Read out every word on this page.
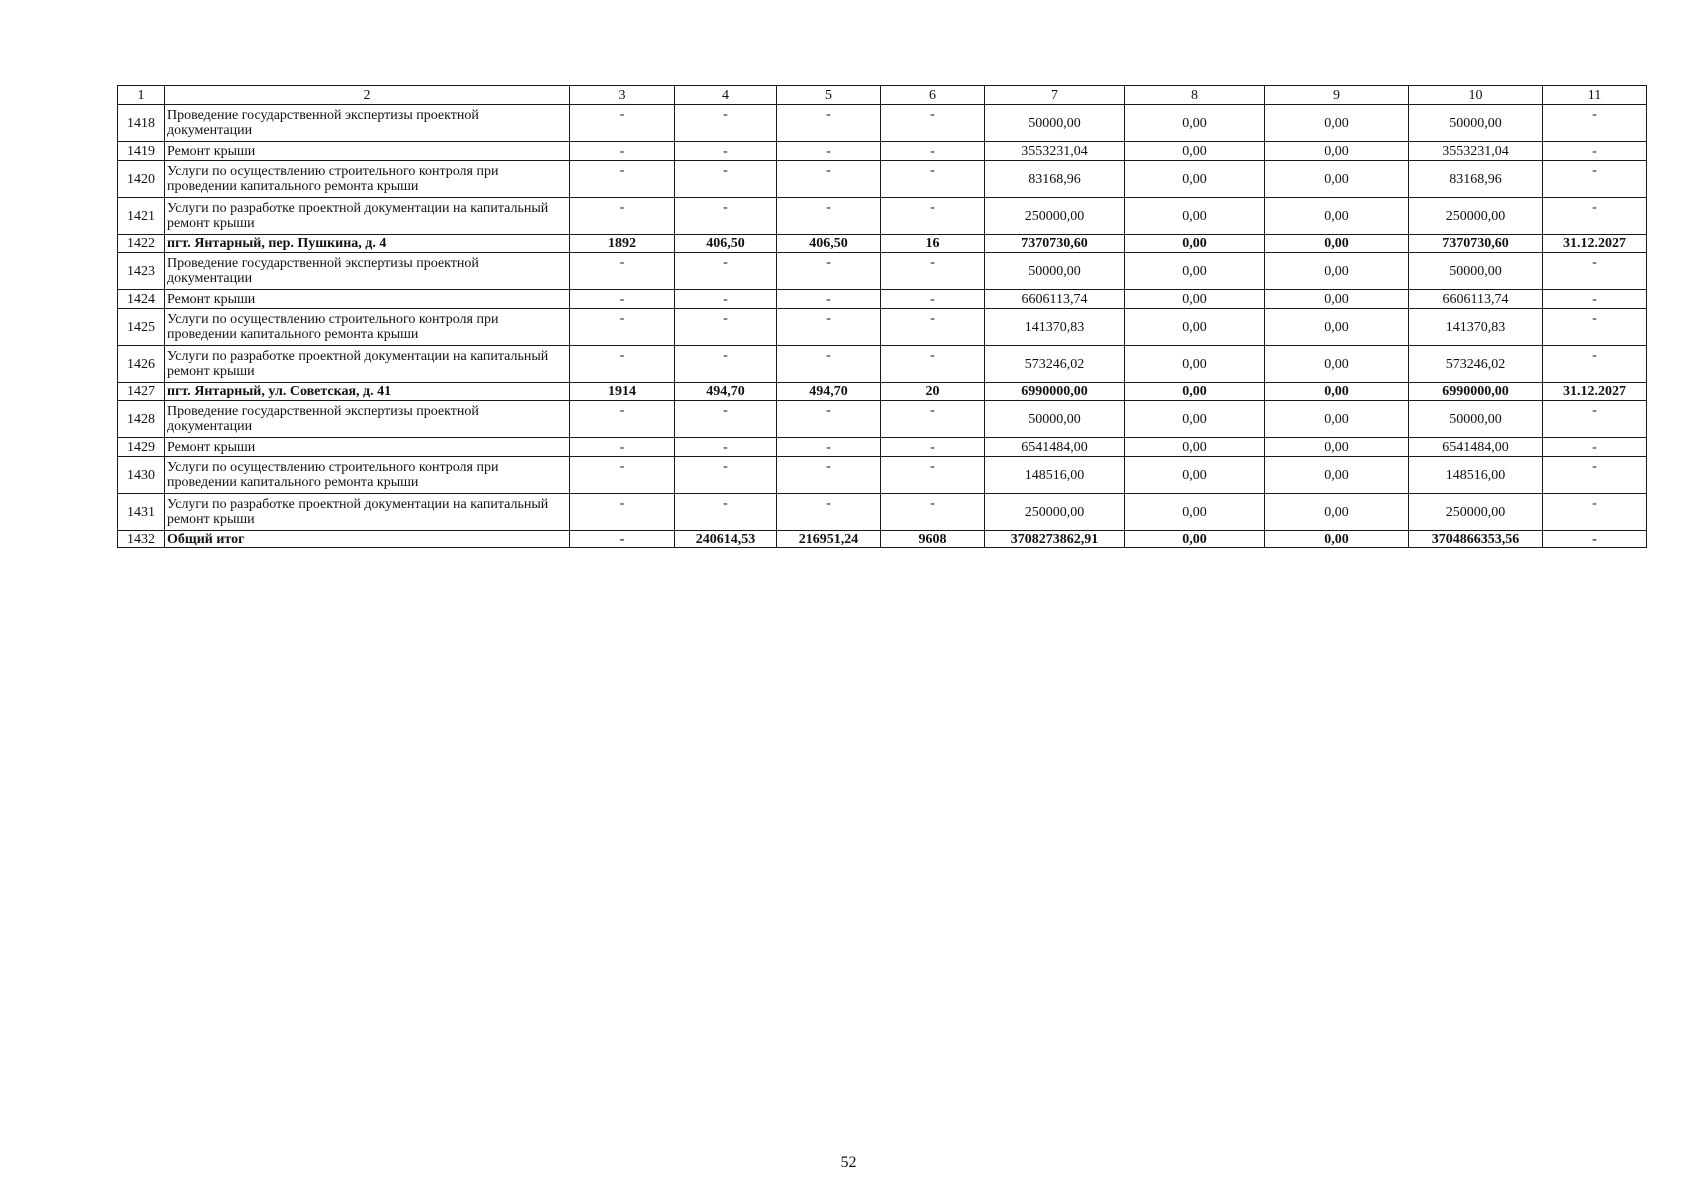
1	2	3	4	5	6	7	8	9	10	11
1418	Проведение государственной экспертизы проектной документации	-	-	-	-	50000,00	0,00	0,00	50000,00	-
1419	Ремонт крыши	-	-	-	-	3553231,04	0,00	0,00	3553231,04	-
1420	Услуги по осуществлению строительного контроля при проведении капитального ремонта крыши	-	-	-	-	83168,96	0,00	0,00	83168,96	-
1421	Услуги по разработке проектной документации на капитальный ремонт крыши	-	-	-	-	250000,00	0,00	0,00	250000,00	-
1422	пгт. Янтарный, пер. Пушкина, д. 4	1892	406,50	406,50	16	7370730,60	0,00	0,00	7370730,60	31.12.2027
1423	Проведение государственной экспертизы проектной документации	-	-	-	-	50000,00	0,00	0,00	50000,00	-
1424	Ремонт крыши	-	-	-	-	6606113,74	0,00	0,00	6606113,74	-
1425	Услуги по осуществлению строительного контроля при проведении капитального ремонта крыши	-	-	-	-	141370,83	0,00	0,00	141370,83	-
1426	Услуги по разработке проектной документации на капитальный ремонт крыши	-	-	-	-	573246,02	0,00	0,00	573246,02	-
1427	пгт. Янтарный, ул. Советская, д. 41	1914	494,70	494,70	20	6990000,00	0,00	0,00	6990000,00	31.12.2027
1428	Проведение государственной экспертизы проектной документации	-	-	-	-	50000,00	0,00	0,00	50000,00	-
1429	Ремонт крыши	-	-	-	-	6541484,00	0,00	0,00	6541484,00	-
1430	Услуги по осуществлению строительного контроля при проведении капитального ремонта крыши	-	-	-	-	148516,00	0,00	0,00	148516,00	-
1431	Услуги по разработке проектной документации на капитальный ремонт крыши	-	-	-	-	250000,00	0,00	0,00	250000,00	-
1432	Общий итог	-	240614,53	216951,24	9608	3708273862,91	0,00	0,00	3704866353,56	-
52
